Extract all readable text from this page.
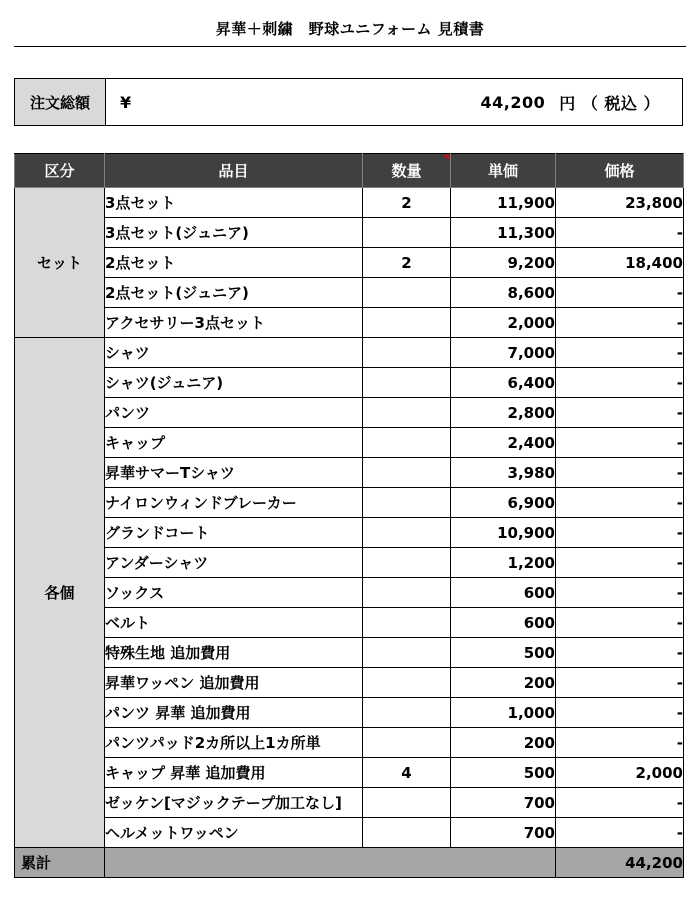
昇華＋刺繍　野球ユニフォーム 見積書
注文総額	¥	44,200 円 （ 税込 ）
区分	品目	数量	単価	価格
セット	3点セット	2	11,900	23,800
	3点セット(ジュニア)		11,300	-
	2点セット	2	9,200	18,400
	2点セット(ジュニア)		8,600	-
	アクセサリー3点セット		2,000	-
各個	シャツ		7,000	-
	シャツ(ジュニア)		6,400	-
	パンツ		2,800	-
	キャップ		2,400	-
	昇華サマーTシャツ		3,980	-
	ナイロンウィンドブレーカー		6,900	-
	グランドコート		10,900	-
	アンダーシャツ		1,200	-
	ソックス		600	-
	ベルト		600	-
	特殊生地 追加費用		500	-
	昇華ワッペン 追加費用		200	-
	パンツ 昇華 追加費用		1,000	-
	パンツパッド2カ所以上1カ所単		200	-
	キャップ 昇華 追加費用	4	500	2,000
	ゼッケン[マジックテープ加工なし]		700	-
	ヘルメットワッペン		700	-
累計				44,200
